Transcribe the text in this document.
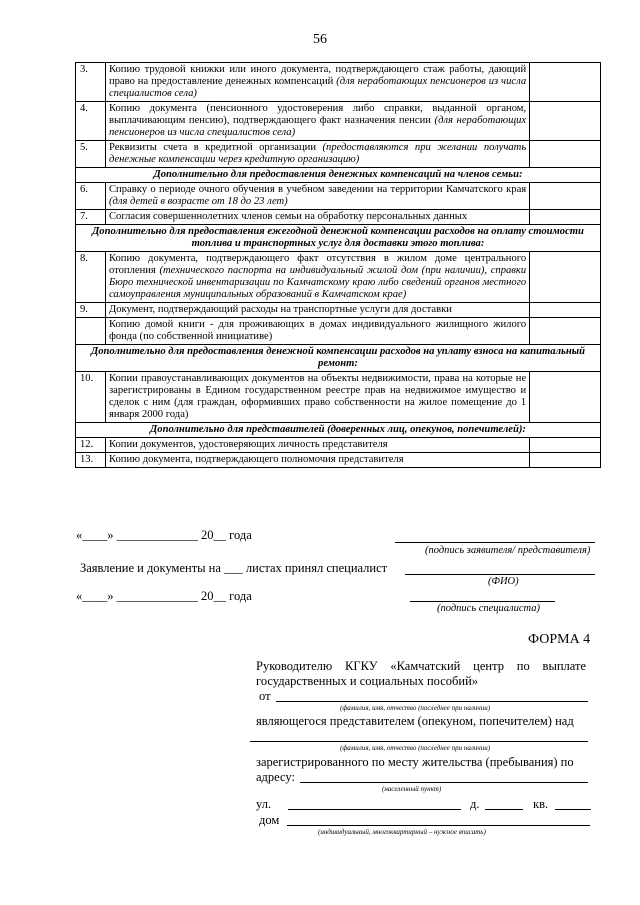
56
3.	Копию трудовой книжки или иного документа, подтверждающего стаж работы, дающий право на предоставление денежных компенсаций (для неработающих пенсионеров из числа специалистов села)	
4.	Копию документа (пенсионного удостоверения либо справки, выданной органом, выплачивающим пенсию), подтверждающего факт назначения пенсии (для неработающих пенсионеров из числа специалистов села)	
5.	Реквизиты счета в кредитной организации (предоставляются при желании получать денежные компенсации через кредитную организацию)	
Дополнительно для предоставления денежных компенсаций на членов семьи:		
6.	Справку о периоде очного обучения в учебном заведении на территории Камчатского края (для детей в возрасте от 18 до 23 лет)	
7.	Согласия совершеннолетних членов семьи на обработку персональных данных	
Дополнительно для предоставления ежегодной денежной компенсации расходов на оплату стоимости топлива и транспортных услуг для доставки этого топлива:		
8.	Копию документа, подтверждающего факт отсутствия в жилом доме центрального отопления (технического паспорта на индивидуальный жилой дом (при наличии), справки Бюро технической инвентаризации по Камчатскому краю либо сведений органов местного самоуправления муниципальных образований в Камчатском крае)	
9.	Документ, подтверждающий расходы на транспортные услуги для доставки	
	Копию домой книги - для проживающих в домах индивидуального жилищного жилого фонда (по собственной инициативе)	
Дополнительно для предоставления денежной компенсации расходов на уплату взноса на капитальный ремонт:		
10.	Копии правоустанавливающих документов на объекты недвижимости, права на которые не зарегистрированы в Едином государственном реестре прав на недвижимое имущество и сделок с ним (для граждан, оформивших право собственности на жилое помещение до 1 января 2000 года)	
Дополнительно для представителей (доверенных лиц, опекунов, попечителей):		
12.	Копии документов, удостоверяющих личность представителя	
13.	Копию документа, подтверждающего полномочия представителя	
«____» _____________ 20__ года
(подпись заявителя/ представителя)
Заявление и документы на ___ листах принял специалист
(ФИО)
«____» _____________ 20__ года
(подпись специалиста)
ФОРМА 4
Руководителю КГКУ «Камчатский центр по выплате государственных и социальных пособий»
от
(фамилия, имя, отчество (последнее при наличии)
являющегося представителем (опекуном, попечителем) над
(фамилия, имя, отчество (последнее при наличии)
зарегистрированного по месту жительства (пребывания) по
адресу:
(населенный пункт)
ул.	д.	кв.
дом
(индивидуальный, многоквартирный – нужное вписать)
